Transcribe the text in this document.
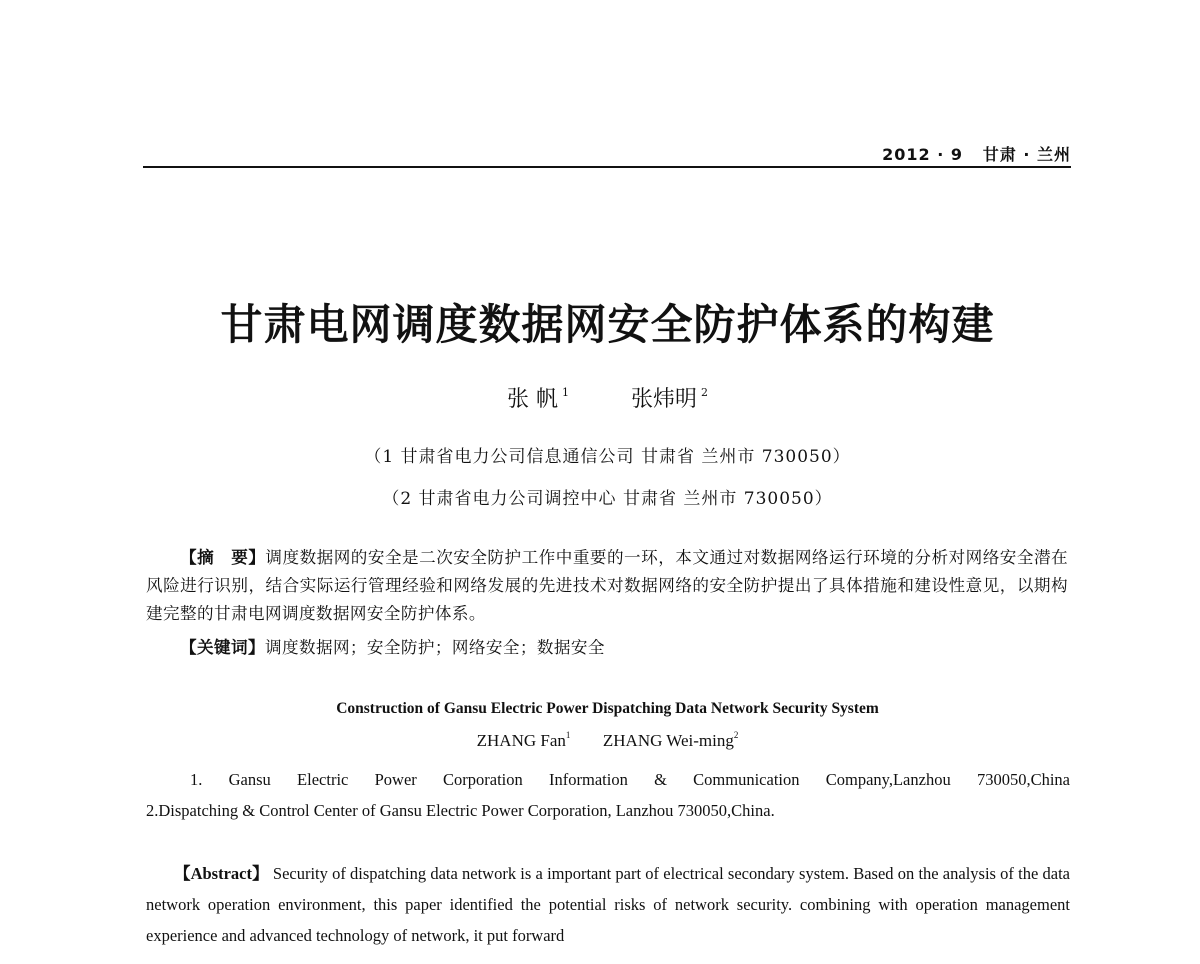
2012 · 9 甘肃 · 兰州
甘肃电网调度数据网安全防护体系的构建
张 帆 $^1$	张炜明 $^2$
（1 甘肃省电力公司信息通信公司 甘肃省 兰州市 730050）
（2 甘肃省电力公司调控中心 甘肃省 兰州市 730050）
【摘　要】调度数据网的安全是二次安全防护工作中重要的一环，本文通过对数据网络运行环境的分析对网络安全潜在风险进行识别，结合实际运行管理经验和网络发展的先进技术对数据网络的安全防护提出了具体措施和建设性意见，以期构建完整的甘肃电网调度数据网安全防护体系。
【关键词】调度数据网；安全防护；网络安全；数据安全
Construction of Gansu Electric Power Dispatching Data Network Security System
ZHANG Fan$^1$ ZHANG Wei-ming$^2$
1. Gansu Electric Power Corporation Information & Communication Company,Lanzhou 730050,China
2.Dispatching & Control Center of Gansu Electric Power Corporation, Lanzhou 730050,China.
【Abstract】 Security of dispatching data network is a important part of electrical secondary system. Based on the analysis of the data network operation environment, this paper identified the potential risks of network security. combining with operation management experience and advanced technology of network, it put forward
